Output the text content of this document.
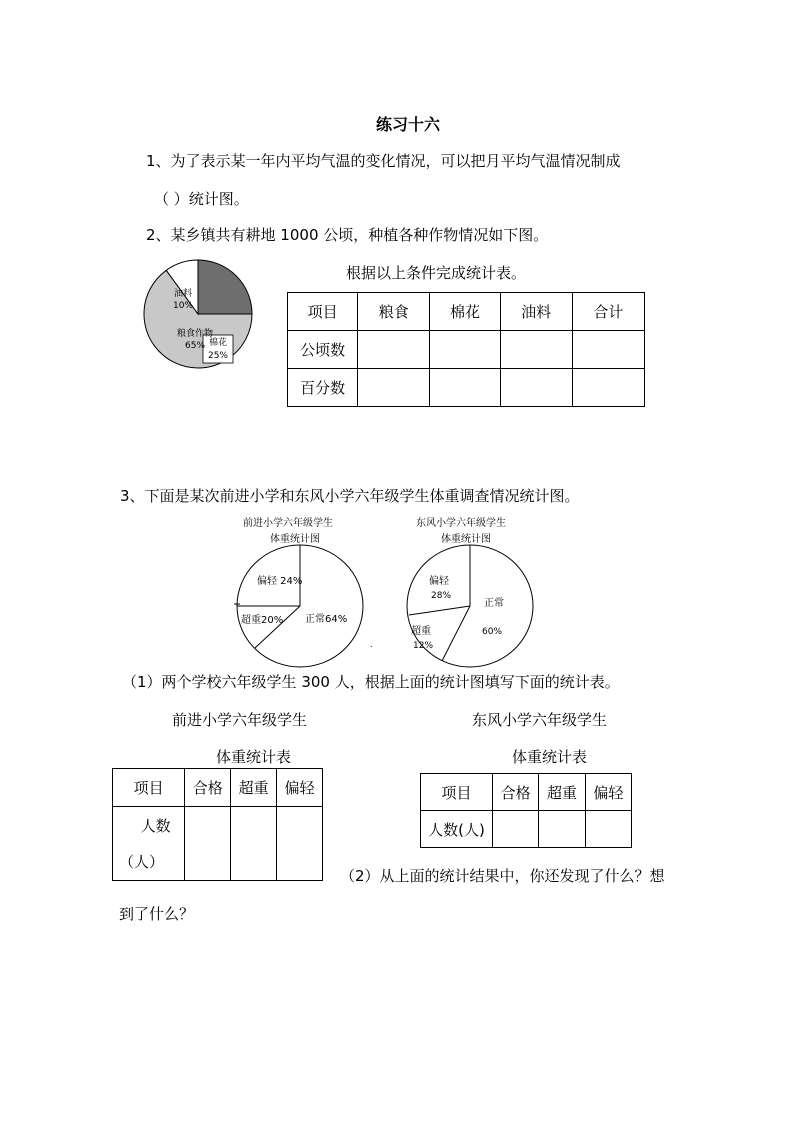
练习十六
1、为了表示某一年内平均气温的变化情况，可以把月平均气温情况制成
（ ）统计图。
2、某乡镇共有耕地 1000 公顷，种植各种作物情况如下图。
棉花
25%
油料
10%
粮食作物
65%
根据以上条件完成统计表。
项目	粮食	棉花	油料	合计
公顷数				
百分数				
3、下面是某次前进小学和东风小学六年级学生体重调查情况统计图。
前进小学六年级学生
体重统计图
偏轻 24%
超重20% 正常64%
东风小学六年级学生
体重统计图
偏轻
28%
超重
12%
正常
60%
.
（1）两个学校六年级学生 300 人，根据上面的统计图填写下面的统计表。
前进小学六年级学生
体重统计表
项目	合格	超重	偏轻

人数
（人）			

东风小学六年级学生
体重统计表
项目	合格	超重	偏轻
人数(人)			
（2）从上面的统计结果中，你还发现了什么？想
到了什么？
